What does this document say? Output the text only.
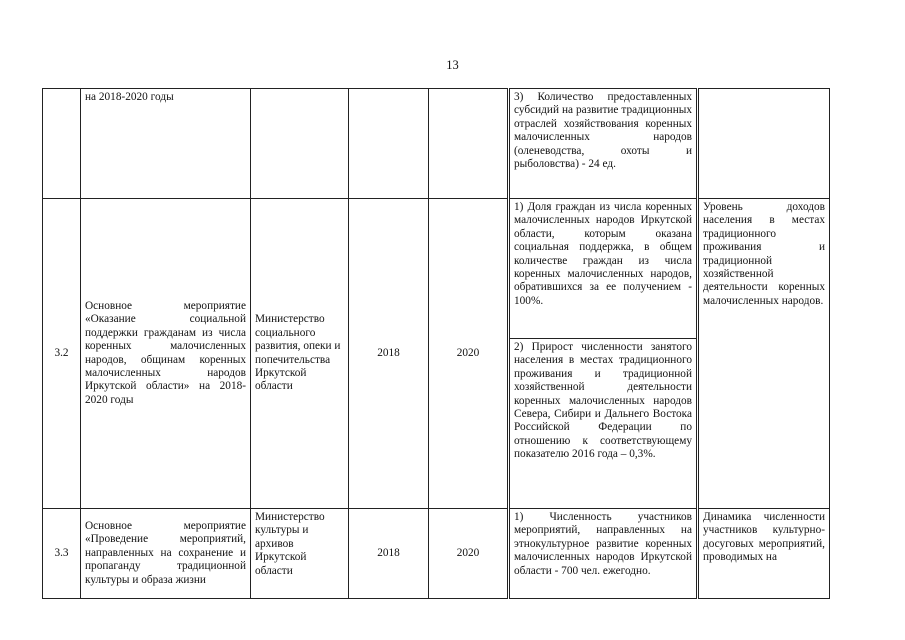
13
	на 2018-2020 годы				3) Количество предоставленных субсидий на развитие традиционных отраслей хозяйствования коренных малочисленных народов (оленеводства, охоты и рыболовства) - 24 ед.	
3.2	Основное мероприятие «Оказание социальной поддержки гражданам из числа коренных малочисленных народов, общинам коренных малочисленных народов Иркутской области» на 2018-2020 годы	Министерство социального развития, опеки и попечительства Иркутской области	2018	2020	1) Доля граждан из числа коренных малочисленных народов Иркутской области, которым оказана социальная поддержка, в общем количестве граждан из числа коренных малочисленных народов, обратившихся за ее получением - 100%.	Уровень доходов населения в местах традиционного проживания и традиционной хозяйственной деятельности коренных малочисленных народов.
					2) Прирост численности занятого населения в местах традиционного проживания и традиционной хозяйственной деятельности коренных малочисленных народов Севера, Сибири и Дальнего Востока Российской Федерации по отношению к соответствующему показателю 2016 года – 0,3%.	
3.3	Основное мероприятие «Проведение мероприятий, направленных на сохранение и пропаганду традиционной культуры и образа жизни	Министерство культуры и архивов Иркутской области	2018	2020	1) Численность участников мероприятий, направленных на этнокультурное развитие коренных малочисленных народов Иркутской области - 700 чел. ежегодно.	Динамика численности участников культурно-досуговых мероприятий, проводимых на
